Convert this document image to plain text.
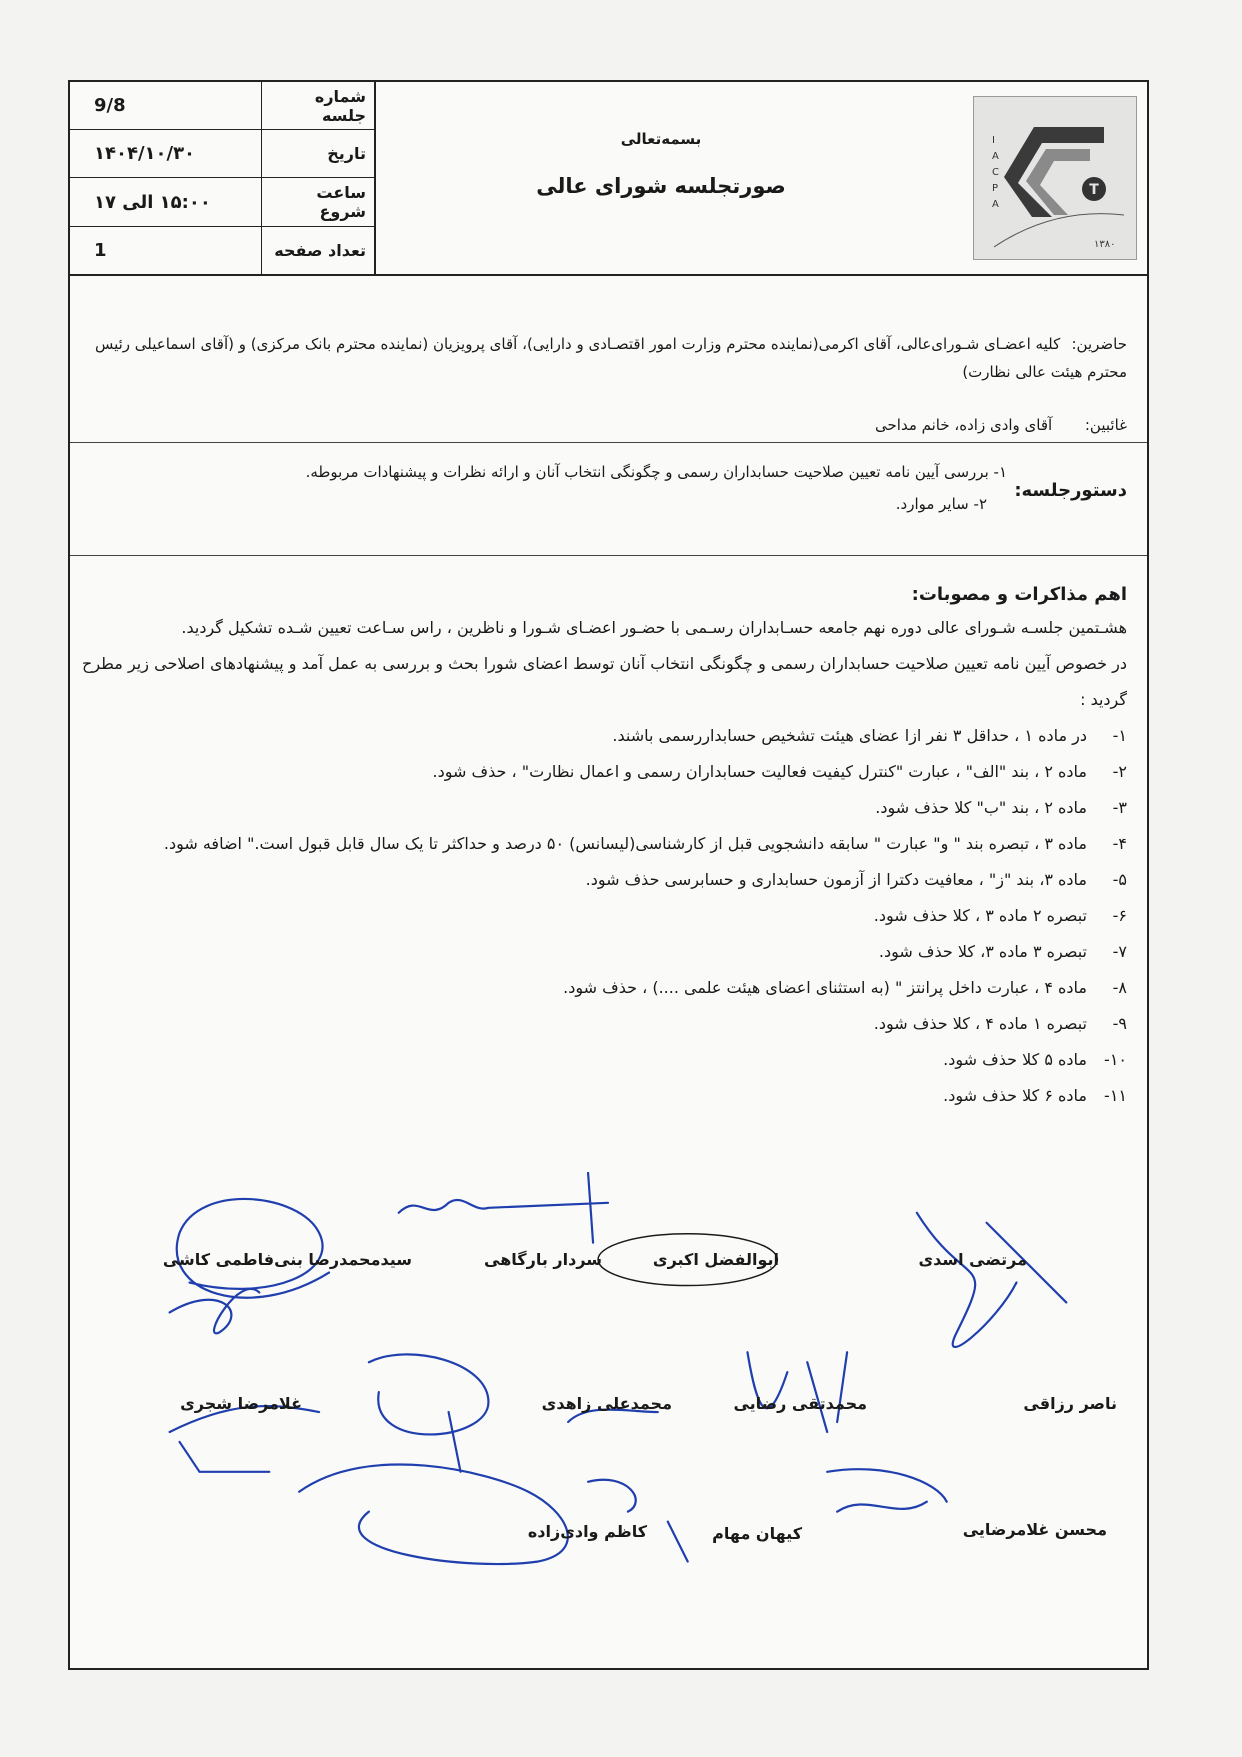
شماره جلسه	9/8
تاریخ	۱۴۰۴/۱۰/۳۰
ساعت شروع	۱۵:۰۰ الی ۱۷
تعداد صفحه	1
بسمه‌تعالی
صورتجلسه شورای عالی	T
I
A
C
P
A
۱۳۸۰
حاضرین: کلیه اعضـای شـورای‌عالی، آقای اکرمی(نماینده محترم وزارت امور اقتصـادی و دارایی)، آقای پرویزیان (نماینده محترم بانک مرکزی) و (آقای اسماعیلی رئیس محترم هیئت عالی نظارت)
غائبین: آقای وادی زاده، خانم مداحی
دستورجلسه:
۱- بررسی آیین نامه تعیین صلاحیت حسابداران رسمی و چگونگی انتخاب آنان و ارائه نظرات و پیشنهادات مربوطه.
۲- سایر موارد.
اهم مذاکرات و مصوبات:

هشـتمین جلسـه شـورای عالی دوره نهم جامعه حسـابداران رسـمی با حضـور اعضـای شـورا و ناظرین ، راس سـاعت تعیین شـده تشکیل گردید.

در خصوص آیین نامه تعیین صلاحیت حسابداران رسمی و چگونگی انتخاب آنان توسط اعضای شورا بحث و بررسی به عمل آمد و پیشنهادهای اصلاحی زیر مطرح گردید :

۱-
در ماده ۱ ، حداقل ۳ نفر ازا عضای هیئت تشخیص حسابداررسمی باشند.
۲-
ماده ۲ ، بند "الف" ، عبارت "کنترل کیفیت فعالیت حسابداران رسمی و اعمال نظارت" ، حذف شود.
۳-
ماده ۲ ، بند "ب" کلا حذف شود.
۴-
ماده ۳ ، تبصره بند " و" عبارت " سابقه دانشجویی قبل از کارشناسی(لیسانس) ۵۰ درصد و حداکثر تا یک سال قابل قبول است." اضافه شود.
۵-
ماده ۳، بند "ز" ، معافیت دکترا از آزمون حسابداری و حسابرسی حذف شود.
۶-
تبصره ۲ ماده ۳ ، کلا حذف شود.
۷-
تبصره ۳ ماده ۳، کلا حذف شود.
۸-
ماده ۴ ، عبارت داخل پرانتز " (به استثنای اعضای هیئت علمی ....) ، حذف شود.
۹-
تبصره ۱ ماده ۴ ، کلا حذف شود.
۱۰-
ماده ۵ کلا حذف شود.
۱۱-
ماده ۶ کلا حذف شود.
مرتضی اسدی
ابوالفضل اکبری
سردار بارگاهی
سیدمحمدرضا بنی‌فاطمی کاشی
ناصر رزاقی
محمدتقی رضایی
محمدعلی زاهدی
غلامرضا شجری
محسن غلامرضایی
کیهان مهام
کاظم وادی‌زاده
